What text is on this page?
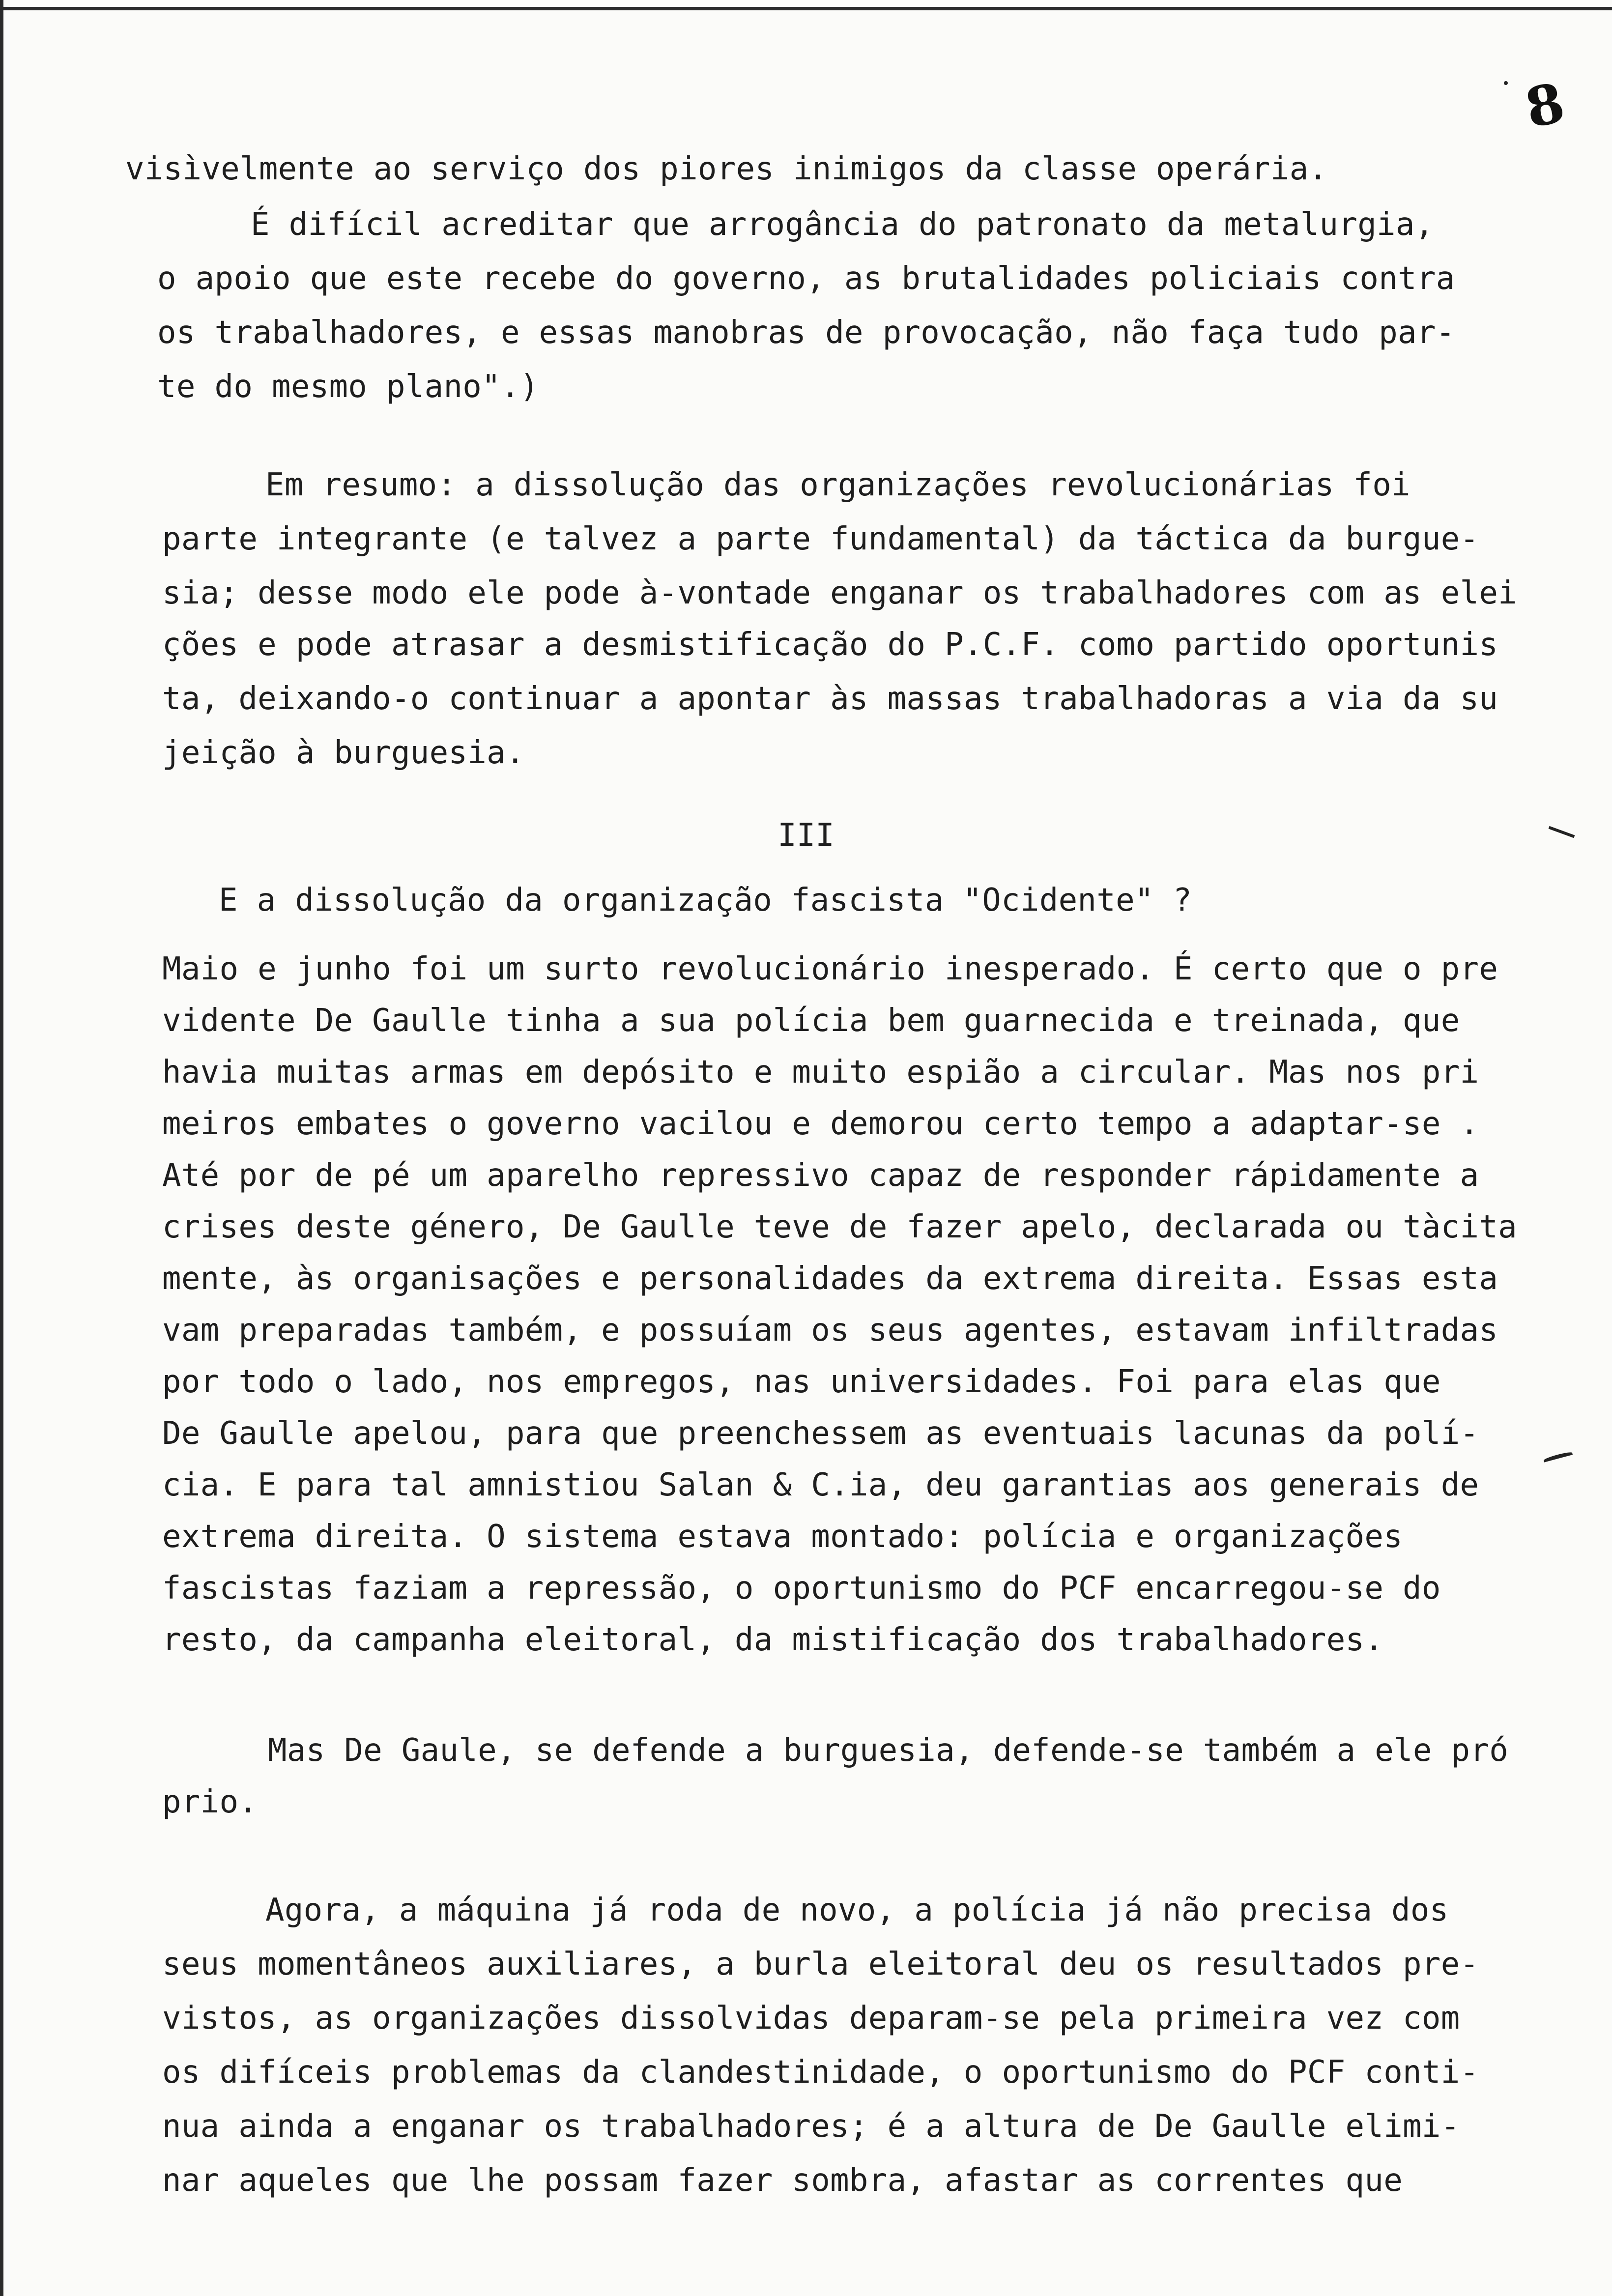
8
visìvelmente ao serviço dos piores inimigos da classe operária.
É difícil acreditar que arrogância do patronato da metalurgia,
o apoio que este recebe do governo, as brutalidades policiais contra
os trabalhadores, e essas manobras de provocação, não faça tudo par-
te do mesmo plano".)
Em resumo: a dissolução das organizações revolucionárias foi
parte integrante (e talvez a parte fundamental) da táctica da burgue-
sia; desse modo ele pode à-vontade enganar os trabalhadores com as elei
ções e pode atrasar a desmistificação do P.C.F. como partido oportunis
ta, deixando-o continuar a apontar às massas trabalhadoras a via da su
jeição à burguesia.
E a dissolução da organização fascista "Ocidente" ?
Maio e junho foi um surto revolucionário inesperado. É certo que o pre
vidente De Gaulle tinha a sua polícia bem guarnecida e treinada, que
havia muitas armas em depósito e muito espião a circular. Mas nos pri
meiros embates o governo vacilou e demorou certo tempo a adaptar-se .
Até por de pé um aparelho repressivo capaz de responder rápidamente a
crises deste género, De Gaulle teve de fazer apelo, declarada ou tàcita
mente, às organisações e personalidades da extrema direita. Essas esta
vam preparadas também, e possuíam os seus agentes, estavam infiltradas
por todo o lado, nos empregos, nas universidades. Foi para elas que
De Gaulle apelou, para que preenchessem as eventuais lacunas da polí-
cia. E para tal amnistiou Salan & C.ia, deu garantias aos generais de
extrema direita. O sistema estava montado: polícia e organizações
fascistas faziam a repressão, o oportunismo do PCF encarregou-se do
resto, da campanha eleitoral, da mistificação dos trabalhadores.
Mas De Gaule, se defende a burguesia, defende-se também a ele pró
prio.
Agora, a máquina já roda de novo, a polícia já não precisa dos
seus momentâneos auxiliares, a burla eleitoral deu os resultados pre-
vistos, as organizações dissolvidas deparam-se pela primeira vez com
os difíceis problemas da clandestinidade, o oportunismo do PCF conti-
nua ainda a enganar os trabalhadores; é a altura de De Gaulle elimi-
nar aqueles que lhe possam fazer sombra, afastar as correntes que
III
